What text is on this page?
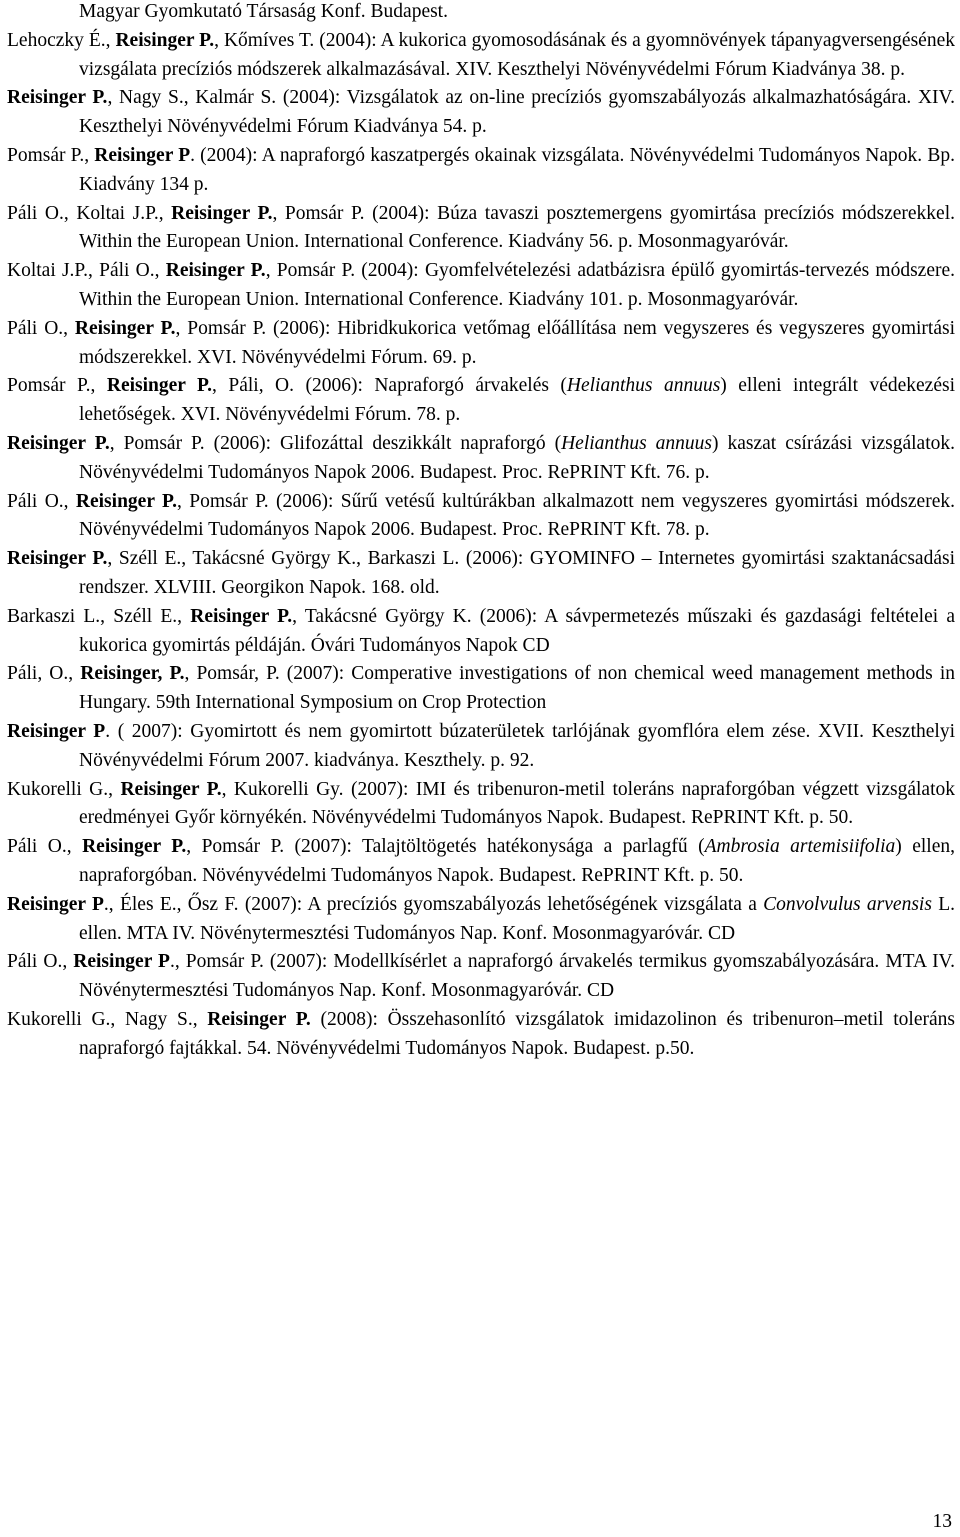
Magyar Gyomkutató Társaság Konf. Budapest.

Lehoczky É., Reisinger P., Kőmíves T. (2004): A kukorica gyomosodásának és a gyomnövények tápanyagversengésének vizsgálata precíziós módszerek alkalmazásával. XIV. Keszthelyi Növényvédelmi Fórum Kiadványa 38. p.

Reisinger P., Nagy S., Kalmár S. (2004): Vizsgálatok az on-line precíziós gyomszabályozás alkalmazhatóságára. XIV. Keszthelyi Növényvédelmi Fórum Kiadványa 54. p.

Pomsár P., Reisinger P. (2004): A napraforgó kaszatpergés okainak vizsgálata. Növényvédelmi Tudományos Napok. Bp. Kiadvány 134 p.

Páli O., Koltai J.P., Reisinger P., Pomsár P. (2004): Búza tavaszi posztemergens gyomirtása precíziós módszerekkel. Within the European Union. International Conference. Kiadvány 56. p. Mosonmagyaróvár.

Koltai J.P., Páli O., Reisinger P., Pomsár P. (2004): Gyomfelvételezési adatbázisra épülő gyomirtás-tervezés módszere. Within the European Union. International Conference. Kiadvány 101. p. Mosonmagyaróvár.

Páli O., Reisinger P., Pomsár P. (2006): Hibridkukorica vetőmag előállítása nem vegyszeres és vegyszeres gyomirtási módszerekkel. XVI. Növényvédelmi Fórum. 69. p.

Pomsár P., Reisinger P., Páli, O. (2006): Napraforgó árvakelés (Helianthus annuus) elleni integrált védekezési lehetőségek. XVI. Növényvédelmi Fórum. 78. p.

Reisinger P., Pomsár P. (2006): Glifozáttal deszikkált napraforgó (Helianthus annuus) kaszat csírázási vizsgálatok. Növényvédelmi Tudományos Napok 2006. Budapest. Proc. RePRINT Kft. 76. p.

Páli O., Reisinger P., Pomsár P. (2006): Sűrű vetésű kultúrákban alkalmazott nem vegyszeres gyomirtási módszerek. Növényvédelmi Tudományos Napok 2006. Budapest. Proc. RePRINT Kft. 78. p.

Reisinger P., Széll E., Takácsné György K., Barkaszi L. (2006): GYOMINFO – Internetes gyomirtási szaktanácsadási rendszer. XLVIII. Georgikon Napok. 168. old.

Barkaszi L., Széll E., Reisinger P., Takácsné György K. (2006): A sávpermetezés műszaki és gazdasági feltételei a kukorica gyomirtás példáján. Óvári Tudományos Napok CD

Páli, O., Reisinger, P., Pomsár, P. (2007): Comperative investigations of non chemical weed management methods in Hungary. 59th International Symposium on Crop Protection

Reisinger P. ( 2007): Gyomirtott és nem gyomirtott búzaterületek tarlójának gyomflóra elem zése. XVII. Keszthelyi Növényvédelmi Fórum 2007. kiadványa. Keszthely. p. 92.

Kukorelli G., Reisinger P., Kukorelli Gy. (2007): IMI és tribenuron-metil toleráns napraforgóban végzett vizsgálatok eredményei Győr környékén. Növényvédelmi Tudományos Napok. Budapest. RePRINT Kft. p. 50.

Páli O., Reisinger P., Pomsár P. (2007): Talajtöltögetés hatékonysága a parlagfű (Ambrosia artemisiifolia) ellen, napraforgóban. Növényvédelmi Tudományos Napok. Budapest. RePRINT Kft. p. 50.

Reisinger P., Éles E., Ősz F. (2007): A precíziós gyomszabályozás lehetőségének vizsgálata a Convolvulus arvensis L. ellen. MTA IV. Növénytermesztési Tudományos Nap. Konf. Mosonmagyaróvár. CD

Páli O., Reisinger P., Pomsár P. (2007): Modellkísérlet a napraforgó árvakelés termikus gyomszabályozására. MTA IV. Növénytermesztési Tudományos Nap. Konf. Mosonmagyaróvár. CD

Kukorelli G., Nagy S., Reisinger P. (2008): Összehasonlító vizsgálatok imidazolinon és tribenuron–metil toleráns napraforgó fajtákkal. 54. Növényvédelmi Tudományos Napok. Budapest. p.50.

13
